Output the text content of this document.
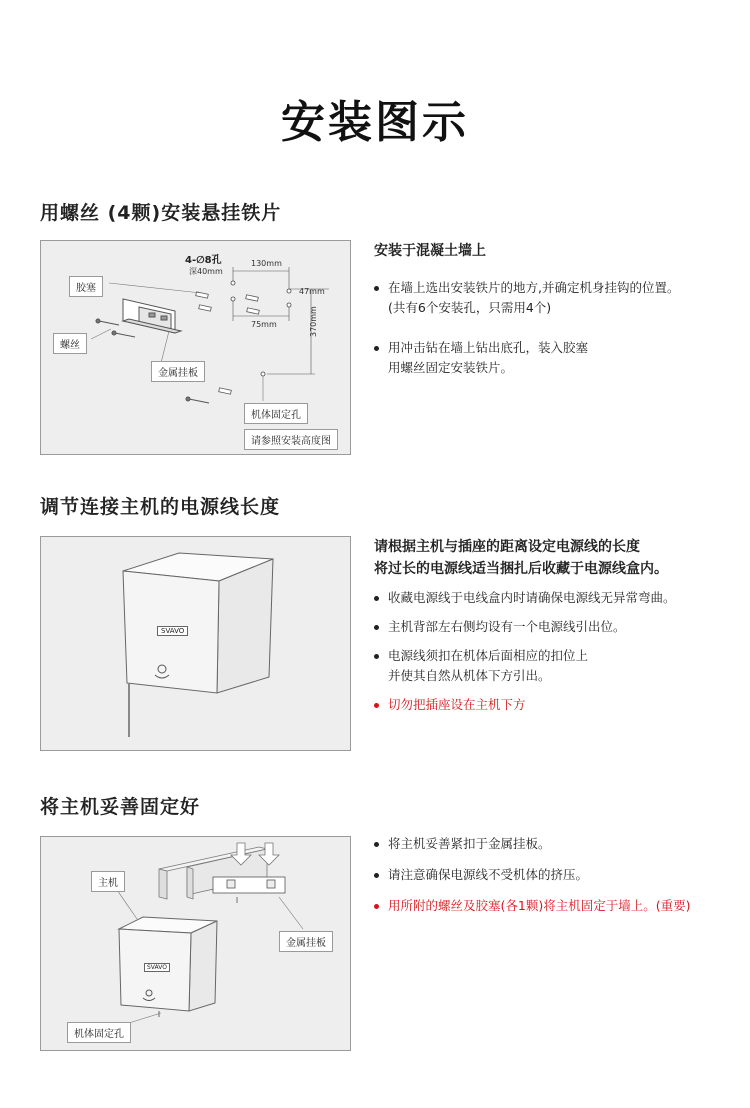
安装图示
用螺丝 (4颗)安装悬挂铁片
胶塞
螺丝
金属挂板
机体固定孔
请参照安装高度图
4-∅8孔
深40mm
130mm
47mm
75mm	370mm
安装于混凝土墙上
在墙上选出安装铁片的地方,并确定机身挂钩的位置。
(共有6个安装孔，只需用4个)
用冲击钻在墙上钻出底孔，装入胶塞
用螺丝固定安装铁片。
调节连接主机的电源线长度
SVAVO
请根据主机与插座的距离设定电源线的长度
将过长的电源线适当捆扎后收藏于电源线盒内。
收藏电源线于电线盒内时请确保电源线无异常弯曲。
主机背部左右侧均设有一个电源线引出位。
电源线须扣在机体后面相应的扣位上
并使其自然从机体下方引出。
切勿把插座设在主机下方
将主机妥善固定好
主机
金属挂板
机体固定孔
SVAVO
将主机妥善紧扣于金属挂板。
请注意确保电源线不受机体的挤压。
用所附的螺丝及胶塞(各1颗)将主机固定于墙上。(重要)
